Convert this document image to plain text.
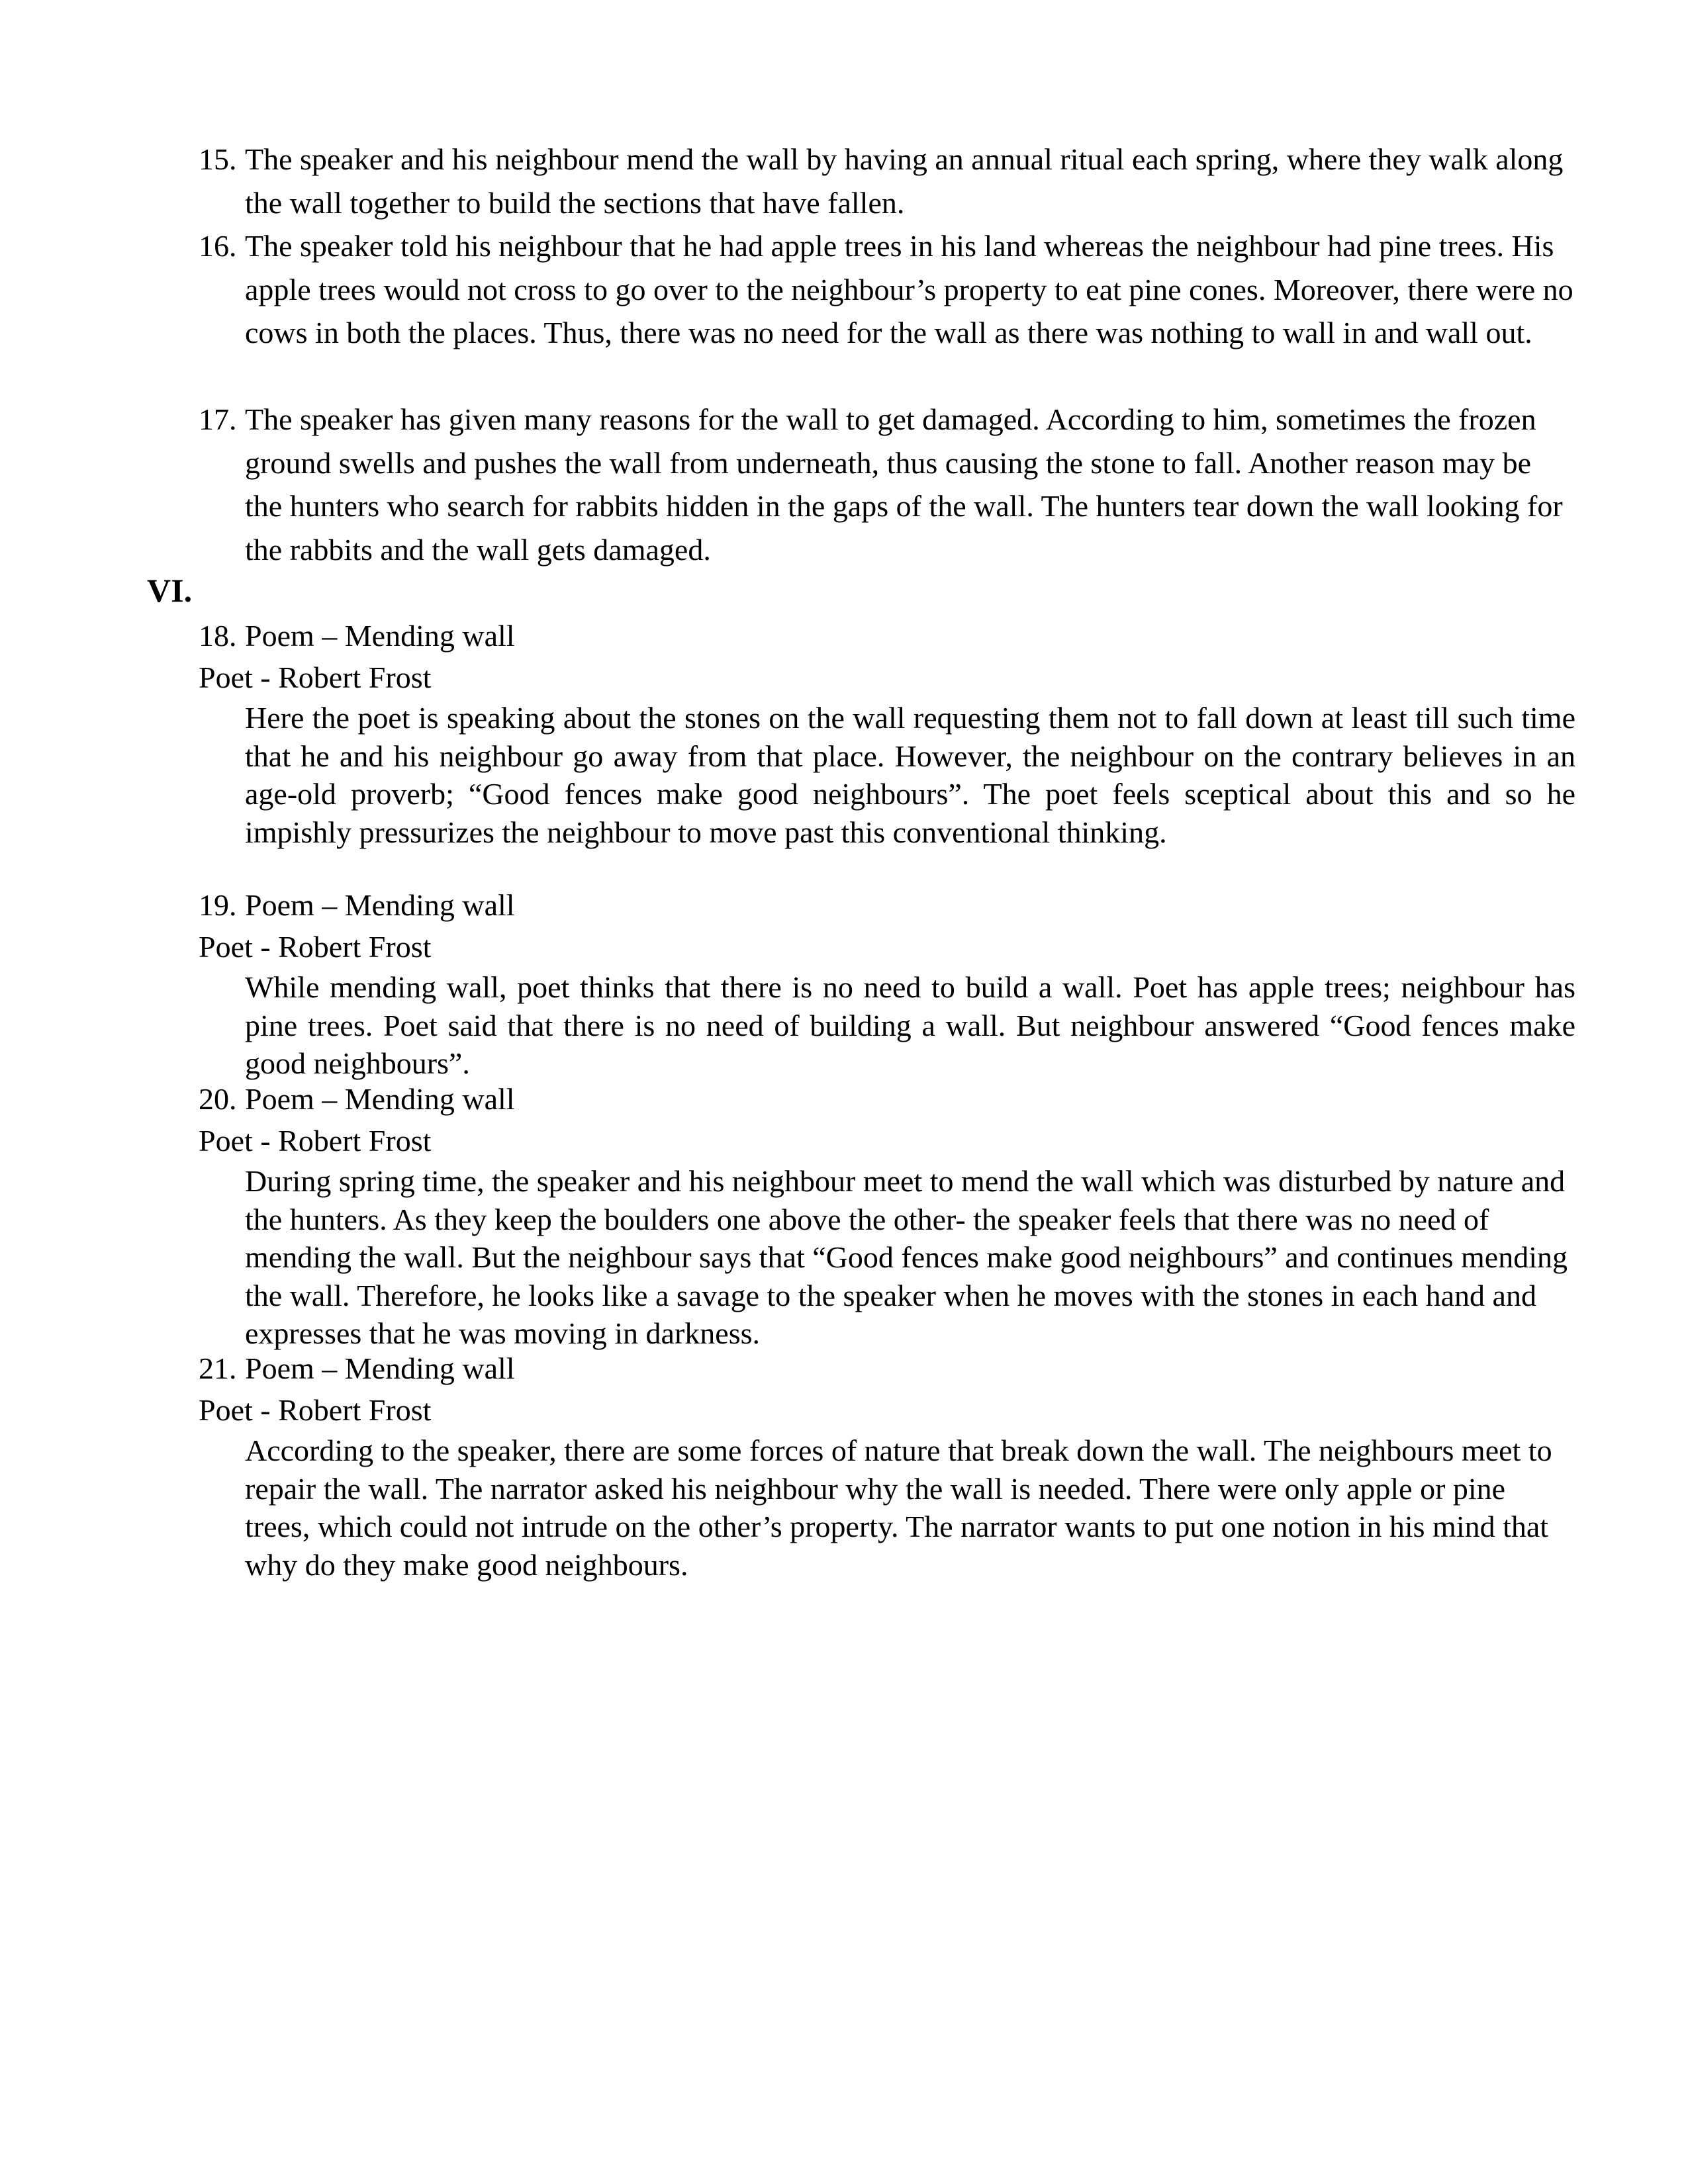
15. The speaker and his neighbour mend the wall by having an annual ritual each spring, where they walk along the wall together to build the sections that have fallen.
16. The speaker told his neighbour that he had apple trees in his land whereas the neighbour had pine trees. His apple trees would not cross to go over to the neighbour’s property to eat pine cones. Moreover, there were no cows in both the places. Thus, there was no need for the wall as there was nothing to wall in and wall out.
17. The speaker has given many reasons for the wall to get damaged. According to him, sometimes the frozen ground swells and pushes the wall from underneath, thus causing the stone to fall. Another reason may be the hunters who search for rabbits hidden in the gaps of the wall. The hunters tear down the wall looking for the rabbits and the wall gets damaged.
VI.
18. Poem – Mending wall
Poet - Robert Frost
Here the poet is speaking about the stones on the wall requesting them not to fall down at least till such time that he and his neighbour go away from that place. However, the neighbour on the contrary believes in an age-old proverb; “Good fences make good neighbours”. The poet feels sceptical about this and so he impishly pressurizes the neighbour to move past this conventional thinking.
19. Poem – Mending wall
Poet - Robert Frost
While mending wall, poet thinks that there is no need to build a wall. Poet has apple trees; neighbour has pine trees. Poet said that there is no need of building a wall. But neighbour answered “Good fences make good neighbours”.
20. Poem – Mending wall
Poet - Robert Frost
During spring time, the speaker and his neighbour meet to mend the wall which was disturbed by nature and the hunters. As they keep the boulders one above the other- the speaker feels that there was no need of mending the wall. But the neighbour says that “Good fences make good neighbours” and continues mending the wall. Therefore, he looks like a savage to the speaker when he moves with the stones in each hand and expresses that he was moving in darkness.
21. Poem – Mending wall
Poet - Robert Frost
According to the speaker, there are some forces of nature that break down the wall. The neighbours meet to repair the wall. The narrator asked his neighbour why the wall is needed. There were only apple or pine trees, which could not intrude on the other’s property. The narrator wants to put one notion in his mind that why do they make good neighbours.
